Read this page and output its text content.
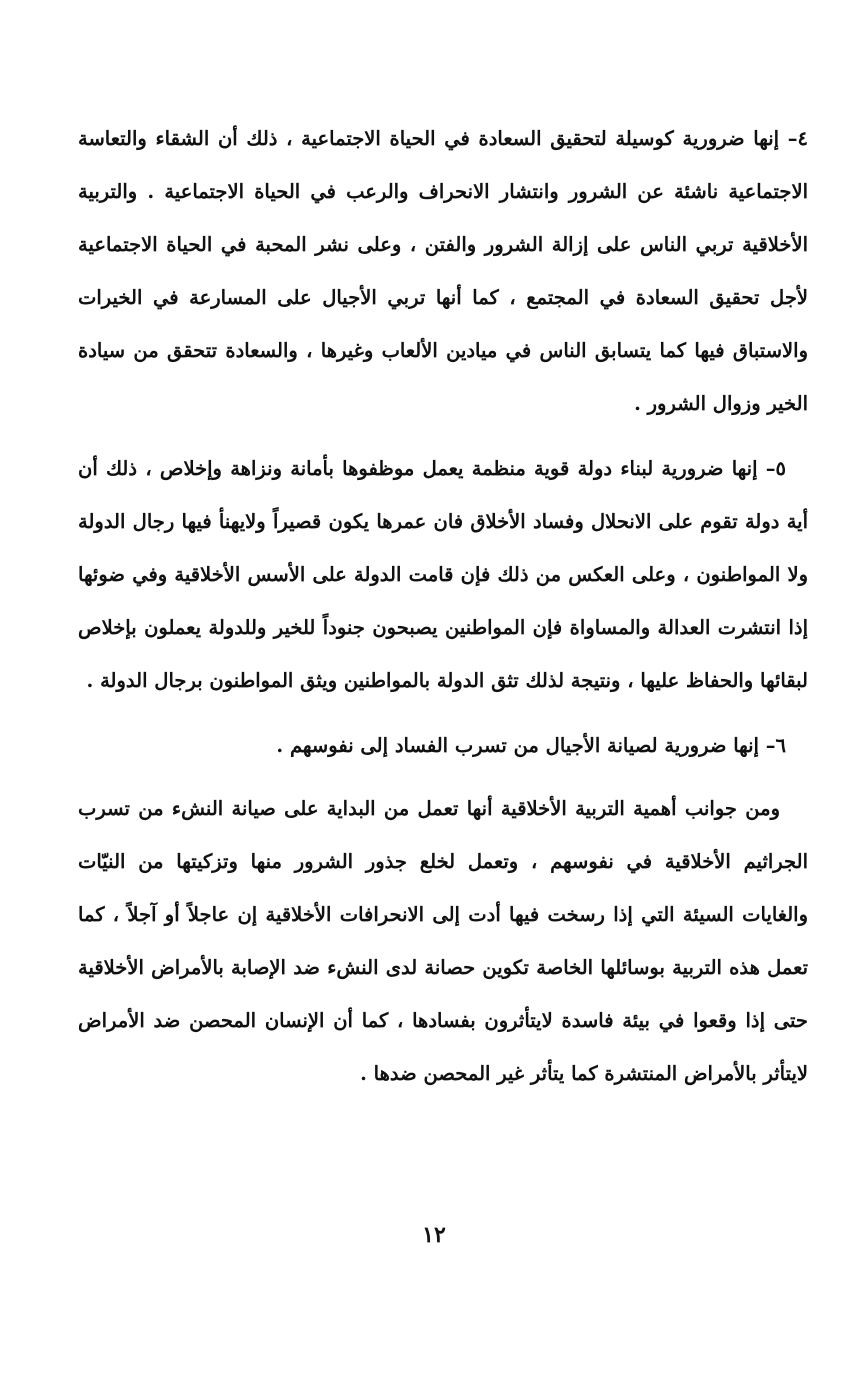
٤– إنها ضرورية كوسيلة لتحقيق السعادة في الحياة الاجتماعية ، ذلك أن الشقاء والتعاسة الاجتماعية ناشئة عن الشرور وانتشار الانحراف والرعب في الحياة الاجتماعية . والتربية الأخلاقية تربي الناس على إزالة الشرور والفتن ، وعلى نشر المحبة في الحياة الاجتماعية لأجل تحقيق السعادة في المجتمع ، كما أنها تربي الأجيال على المسارعة في الخيرات والاستباق فيها كما يتسابق الناس في ميادين الألعاب وغيرها ، والسعادة تتحقق من سيادة الخير وزوال الشرور .

٥– إنها ضرورية لبناء دولة قوية منظمة يعمل موظفوها بأمانة ونزاهة وإخلاص ، ذلك أن أية دولة تقوم على الانحلال وفساد الأخلاق فان عمرها يكون قصيراً ولايهنأ فيها رجال الدولة ولا المواطنون ، وعلى العكس من ذلك فإن قامت الدولة على الأسس الأخلاقية وفي ضوئها إذا انتشرت العدالة والمساواة فإن المواطنين يصبحون جنوداً للخير وللدولة يعملون بإخلاص لبقائها والحفاظ عليها ، ونتيجة لذلك تثق الدولة بالمواطنين ويثق المواطنون برجال الدولة .

٦– إنها ضرورية لصيانة الأجيال من تسرب الفساد إلى نفوسهم .

ومن جوانب أهمية التربية الأخلاقية أنها تعمل من البداية على صيانة النشء من تسرب الجراثيم الأخلاقية في نفوسهم ، وتعمل لخلع جذور الشرور منها وتزكيتها من النيّات والغايات السيئة التي إذا رسخت فيها أدت إلى الانحرافات الأخلاقية إن عاجلاً أو آجلاً ، كما تعمل هذه التربية بوسائلها الخاصة تكوين حصانة لدى النشء ضد الإصابة بالأمراض الأخلاقية حتى إذا وقعوا في بيئة فاسدة لايتأثرون بفسادها ، كما أن الإنسان المحصن ضد الأمراض لايتأثر بالأمراض المنتشرة كما يتأثر غير المحصن ضدها .

١٢
